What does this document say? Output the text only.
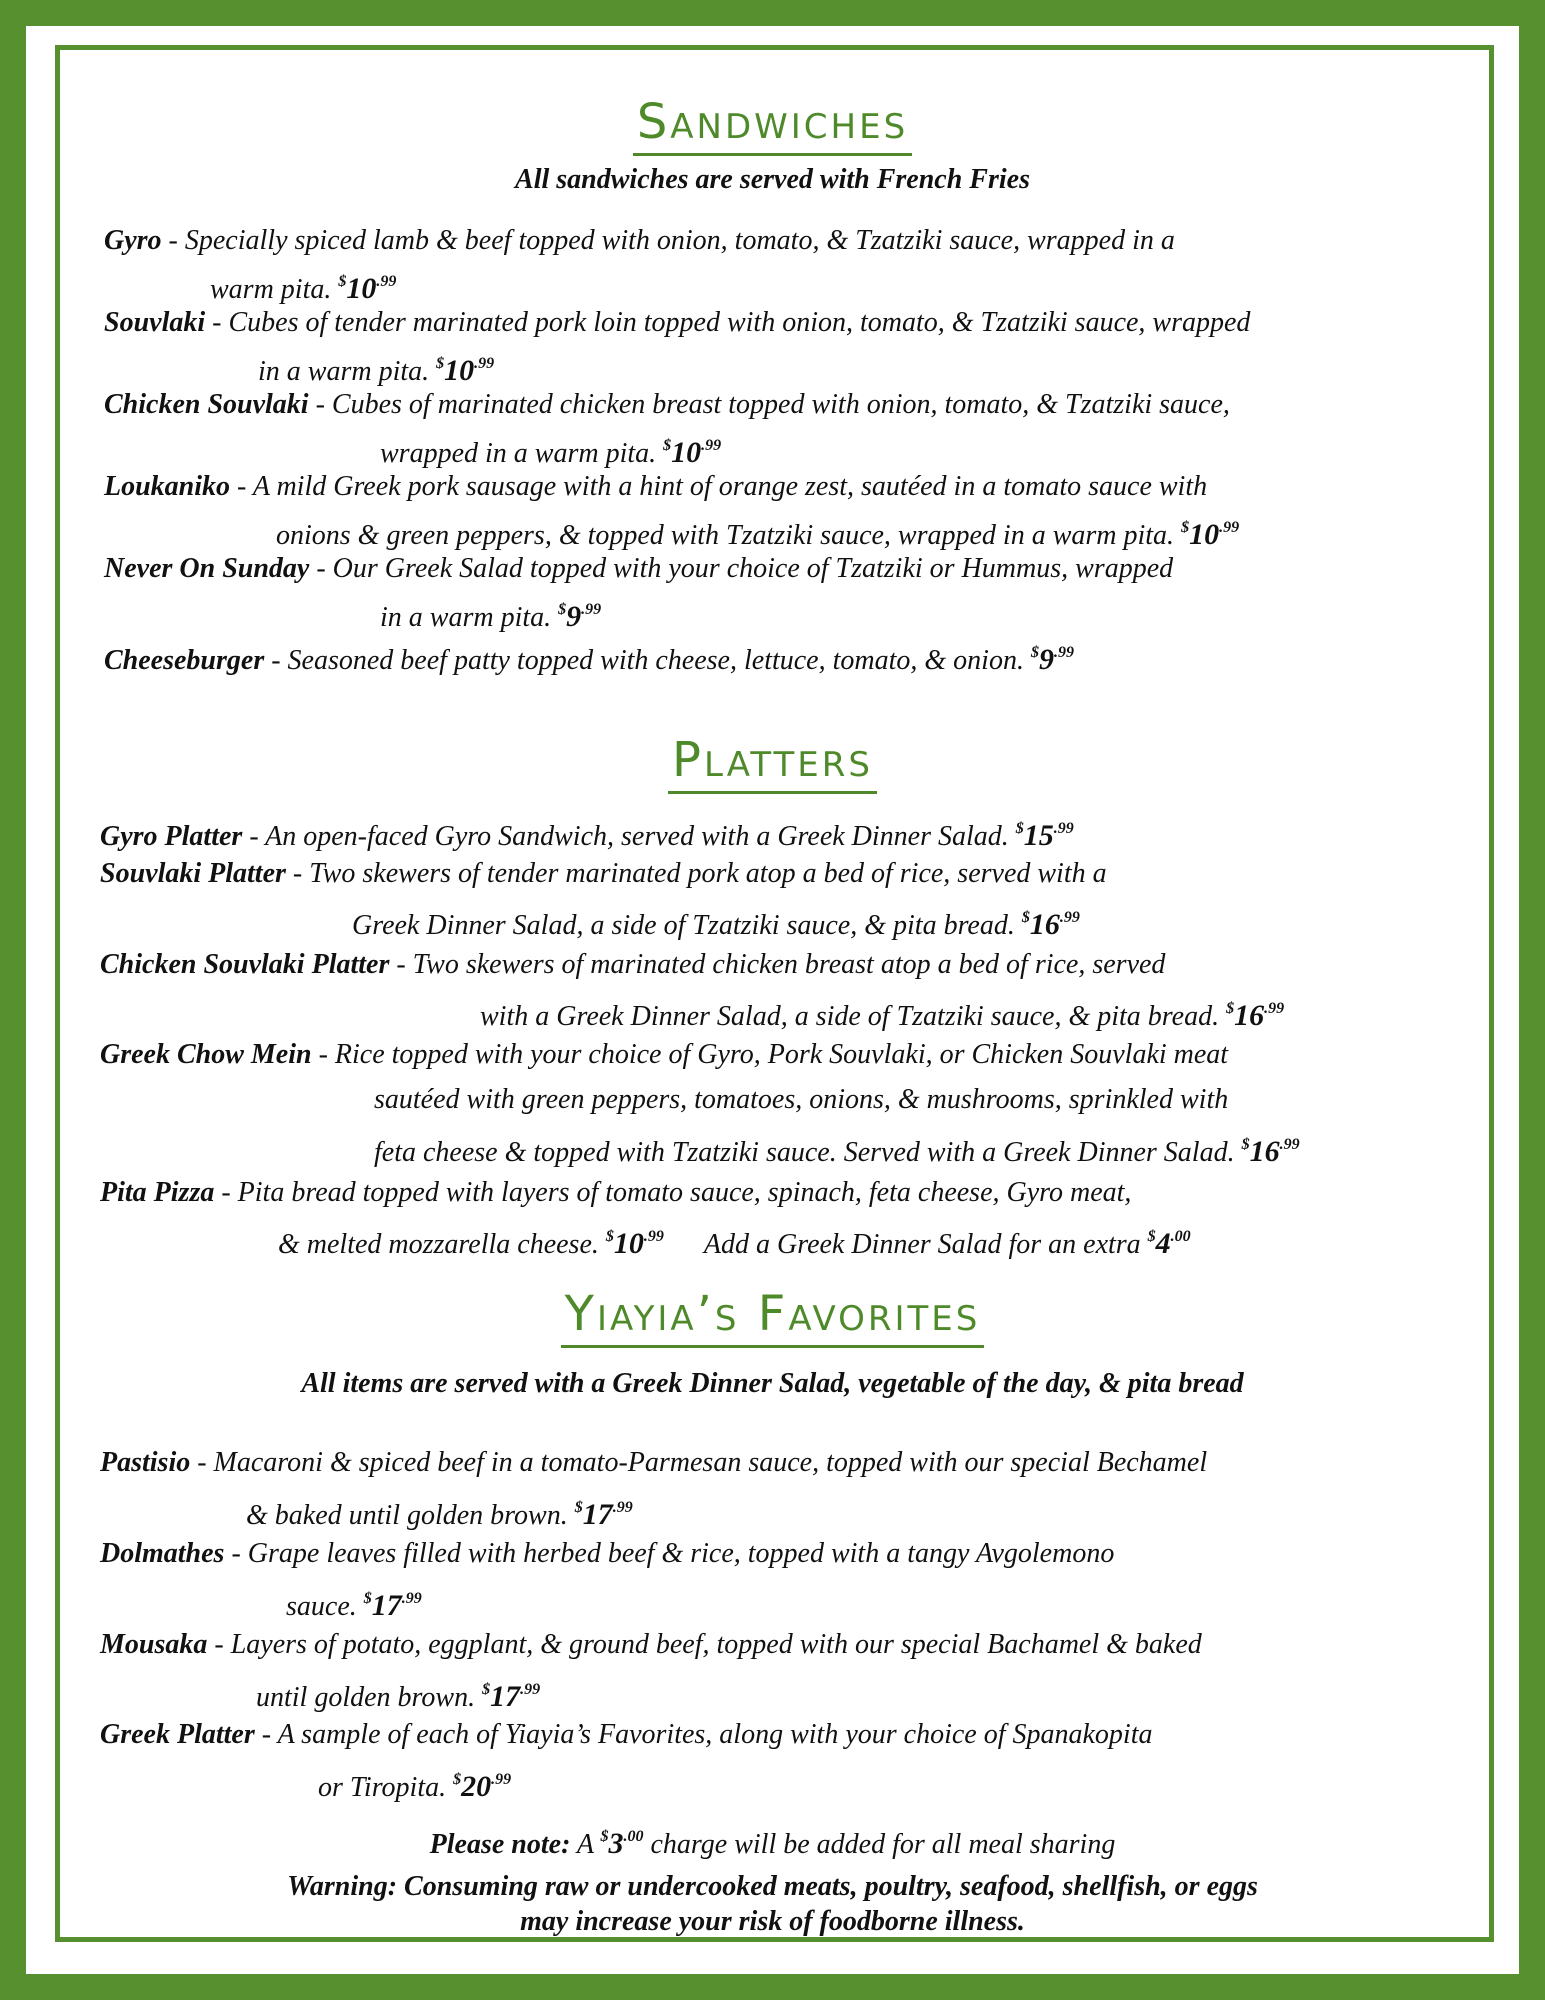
Sandwiches
All sandwiches are served with French Fries
Gyro - Specially spiced lamb & beef topped with onion, tomato, & Tzatziki sauce, wrapped in a
warm pita. $^{\$}10^{.99}$
Souvlaki - Cubes of tender marinated pork loin topped with onion, tomato, & Tzatziki sauce, wrapped
in a warm pita. $^{\$}10^{.99}$
Chicken Souvlaki - Cubes of marinated chicken breast topped with onion, tomato, & Tzatziki sauce,
wrapped in a warm pita. $^{\$}10^{.99}$
Loukaniko - A mild Greek pork sausage with a hint of orange zest, sautéed in a tomato sauce with
onions & green peppers, & topped with Tzatziki sauce, wrapped in a warm pita. $^{\$}10^{.99}$
Never On Sunday - Our Greek Salad topped with your choice of Tzatziki or Hummus, wrapped
in a warm pita. $^{\$}9^{.99}$
Cheeseburger - Seasoned beef patty topped with cheese, lettuce, tomato, & onion. $^{\$}9^{.99}$
Platters
Gyro Platter - An open-faced Gyro Sandwich, served with a Greek Dinner Salad. $^{\$}15^{.99}$
Souvlaki Platter - Two skewers of tender marinated pork atop a bed of rice, served with a
Greek Dinner Salad, a side of Tzatziki sauce, & pita bread. $^{\$}16^{.99}$
Chicken Souvlaki Platter - Two skewers of marinated chicken breast atop a bed of rice, served
with a Greek Dinner Salad, a side of Tzatziki sauce, & pita bread. $^{\$}16^{.99}$
Greek Chow Mein - Rice topped with your choice of Gyro, Pork Souvlaki, or Chicken Souvlaki meat
sautéed with green peppers, tomatoes, onions, & mushrooms, sprinkled with
feta cheese & topped with Tzatziki sauce. Served with a Greek Dinner Salad. $^{\$}16^{.99}$
Pita Pizza - Pita bread topped with layers of tomato sauce, spinach, feta cheese, Gyro meat,
& melted mozzarella cheese. $^{\$}10^{.99}$ Add a Greek Dinner Salad for an extra $^{\$}4^{.00}$
Yiayia’s Favorites
All items are served with a Greek Dinner Salad, vegetable of the day, & pita bread
Pastisio - Macaroni & spiced beef in a tomato-Parmesan sauce, topped with our special Bechamel
& baked until golden brown. $^{\$}17^{.99}$
Dolmathes - Grape leaves filled with herbed beef & rice, topped with a tangy Avgolemono
sauce. $^{\$}17^{.99}$
Mousaka - Layers of potato, eggplant, & ground beef, topped with our special Bachamel & baked
until golden brown. $^{\$}17^{.99}$
Greek Platter - A sample of each of Yiayia’s Favorites, along with your choice of Spanakopita
or Tiropita. $^{\$}20^{.99}$
Please note: A $^{\$}3^{.00}$ charge will be added for all meal sharing
Warning: Consuming raw or undercooked meats, poultry, seafood, shellfish, or eggs
may increase your risk of foodborne illness.
